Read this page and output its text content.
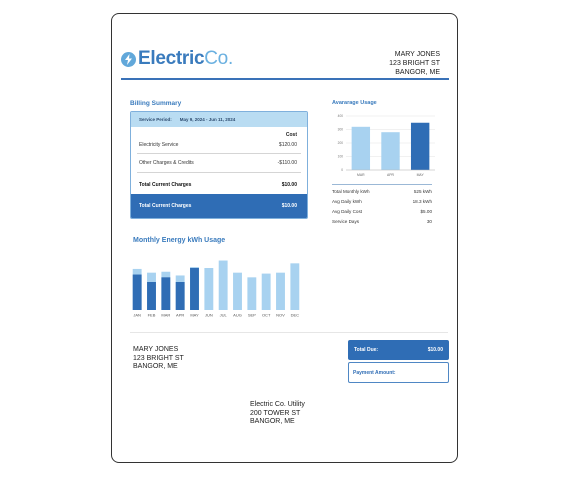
Electric Co.	MARY JONES
123 BRIGHT ST
BANGOR, ME
Billing Summary
Service Period: May 9, 2024 - Jun 11, 2024
Cost
Electricity Service	$120.00
Other Charges & Credits	-$110.00
Total Current Charges	$10.00
Total Current Charges	$10.00
Avararage Usage
0
100
200
300
400
MAR	APR	MAY
Total Monthly kWh	525 kWh
Avg Daily kWh	18.3 kWh
Avg Daily Cost	$5.00
Service Days	30
Monthly Energy kWh Usage
JAN FEB MAR APR MAY JUN JUL AUG SEP OCT NOV DEC
MARY JONES
123 BRIGHT ST
BANGOR, ME
Total Due:	$10.00
Payment Amount:
Electric Co. Utility
200 TOWER ST
BANGOR, ME
